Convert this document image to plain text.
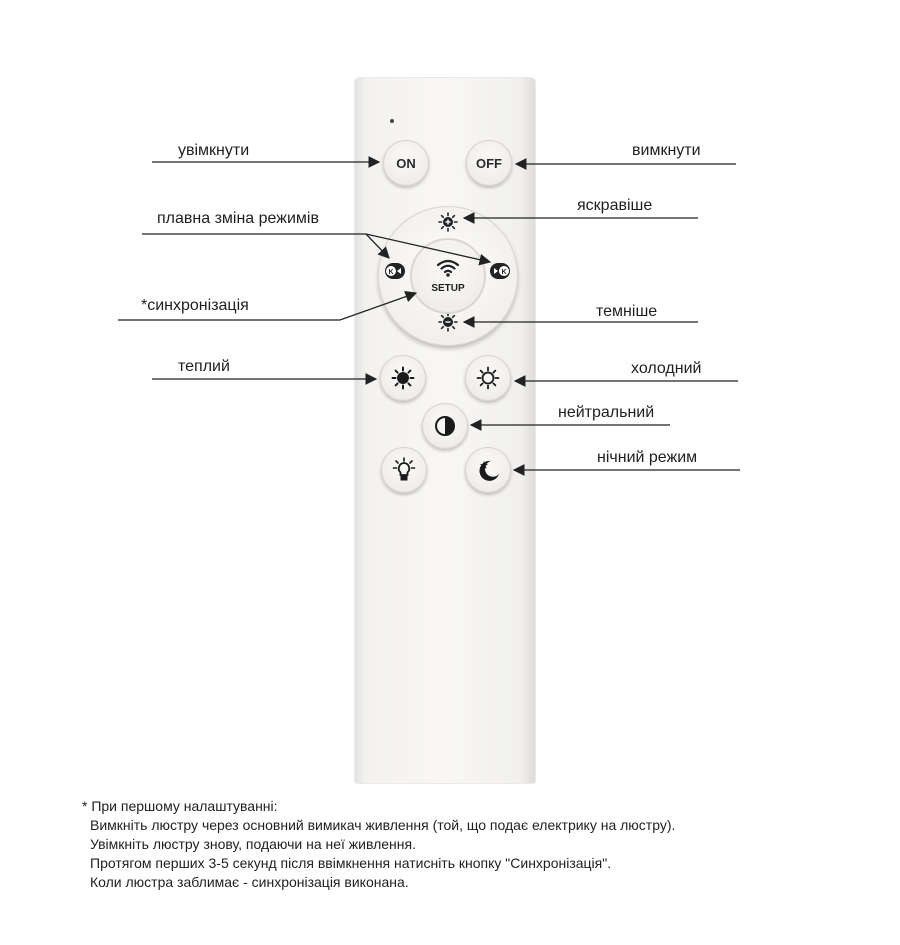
ON	OFF
K	K
SETUP
увімкнути	вимкнути
плавна зміна режимів
яскравіше
*синхронізація	темніше
теплий	холодний
нейтральний
нічний режим
* При першому налаштуванні:
Вимкніть люстру через основний вимикач живлення (той, що подає електрику на люстру).
Увімкніть люстру знову, подаючи на неї живлення.
Протягом перших 3-5 секунд після ввімкнення натисніть кнопку "Синхронізація".
Коли люстра заблимає - синхронізація виконана.
